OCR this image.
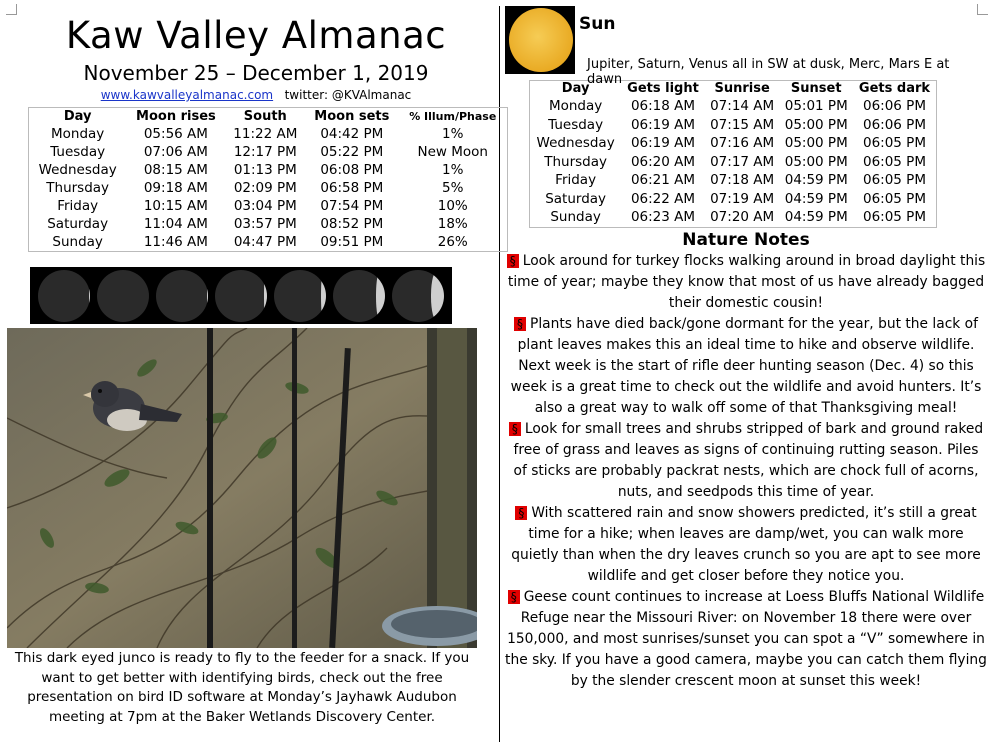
Kaw Valley Almanac
November 25 – December 1, 2019
www.kawvalleyalmanac.com twitter: @KVAlmanac
Day	Moon rises	South	Moon sets	% Illum/Phase
Monday	05:56 AM	11:22 AM	04:42 PM	1%
Tuesday	07:06 AM	12:17 PM	05:22 PM	New Moon
Wednesday	08:15 AM	01:13 PM	06:08 PM	1%
Thursday	09:18 AM	02:09 PM	06:58 PM	5%
Friday	10:15 AM	03:04 PM	07:54 PM	10%
Saturday	11:04 AM	03:57 PM	08:52 PM	18%
Sunday	11:46 AM	04:47 PM	09:51 PM	26%
This dark eyed junco is ready to fly to the feeder for a snack. If you want to get better with identifying birds, check out the free presentation on bird ID software at Monday’s Jayhawk Audubon meeting at 7pm at the Baker Wetlands Discovery Center.
Sun
Jupiter, Saturn, Venus all in SW at dusk, Merc, Mars E at dawn
Day	Gets light	Sunrise	Sunset	Gets dark
Monday	06:18 AM	07:14 AM	05:01 PM	06:06 PM
Tuesday	06:19 AM	07:15 AM	05:00 PM	06:06 PM
Wednesday	06:19 AM	07:16 AM	05:00 PM	06:05 PM
Thursday	06:20 AM	07:17 AM	05:00 PM	06:05 PM
Friday	06:21 AM	07:18 AM	04:59 PM	06:05 PM
Saturday	06:22 AM	07:19 AM	04:59 PM	06:05 PM
Sunday	06:23 AM	07:20 AM	04:59 PM	06:05 PM
Nature Notes
§ Look around for turkey flocks walking around in broad daylight this time of year; maybe they know that most of us have already bagged their domestic cousin!
§ Plants have died back/gone dormant for the year, but the lack of plant leaves makes this an ideal time to hike and observe wildlife. Next week is the start of rifle deer hunting season (Dec. 4) so this week is a great time to check out the wildlife and avoid hunters. It’s also a great way to walk off some of that Thanksgiving meal!
§ Look for small trees and shrubs stripped of bark and ground raked free of grass and leaves as signs of continuing rutting season. Piles of sticks are probably packrat nests, which are chock full of acorns, nuts, and seedpods this time of year.
§ With scattered rain and snow showers predicted, it’s still a great time for a hike; when leaves are damp/wet, you can walk more quietly than when the dry leaves crunch so you are apt to see more wildlife and get closer before they notice you.
§ Geese count continues to increase at Loess Bluffs National Wildlife Refuge near the Missouri River: on November 18 there were over 150,000, and most sunrises/sunset you can spot a “V” somewhere in the sky. If you have a good camera, maybe you can catch them flying by the slender crescent moon at sunset this week!
